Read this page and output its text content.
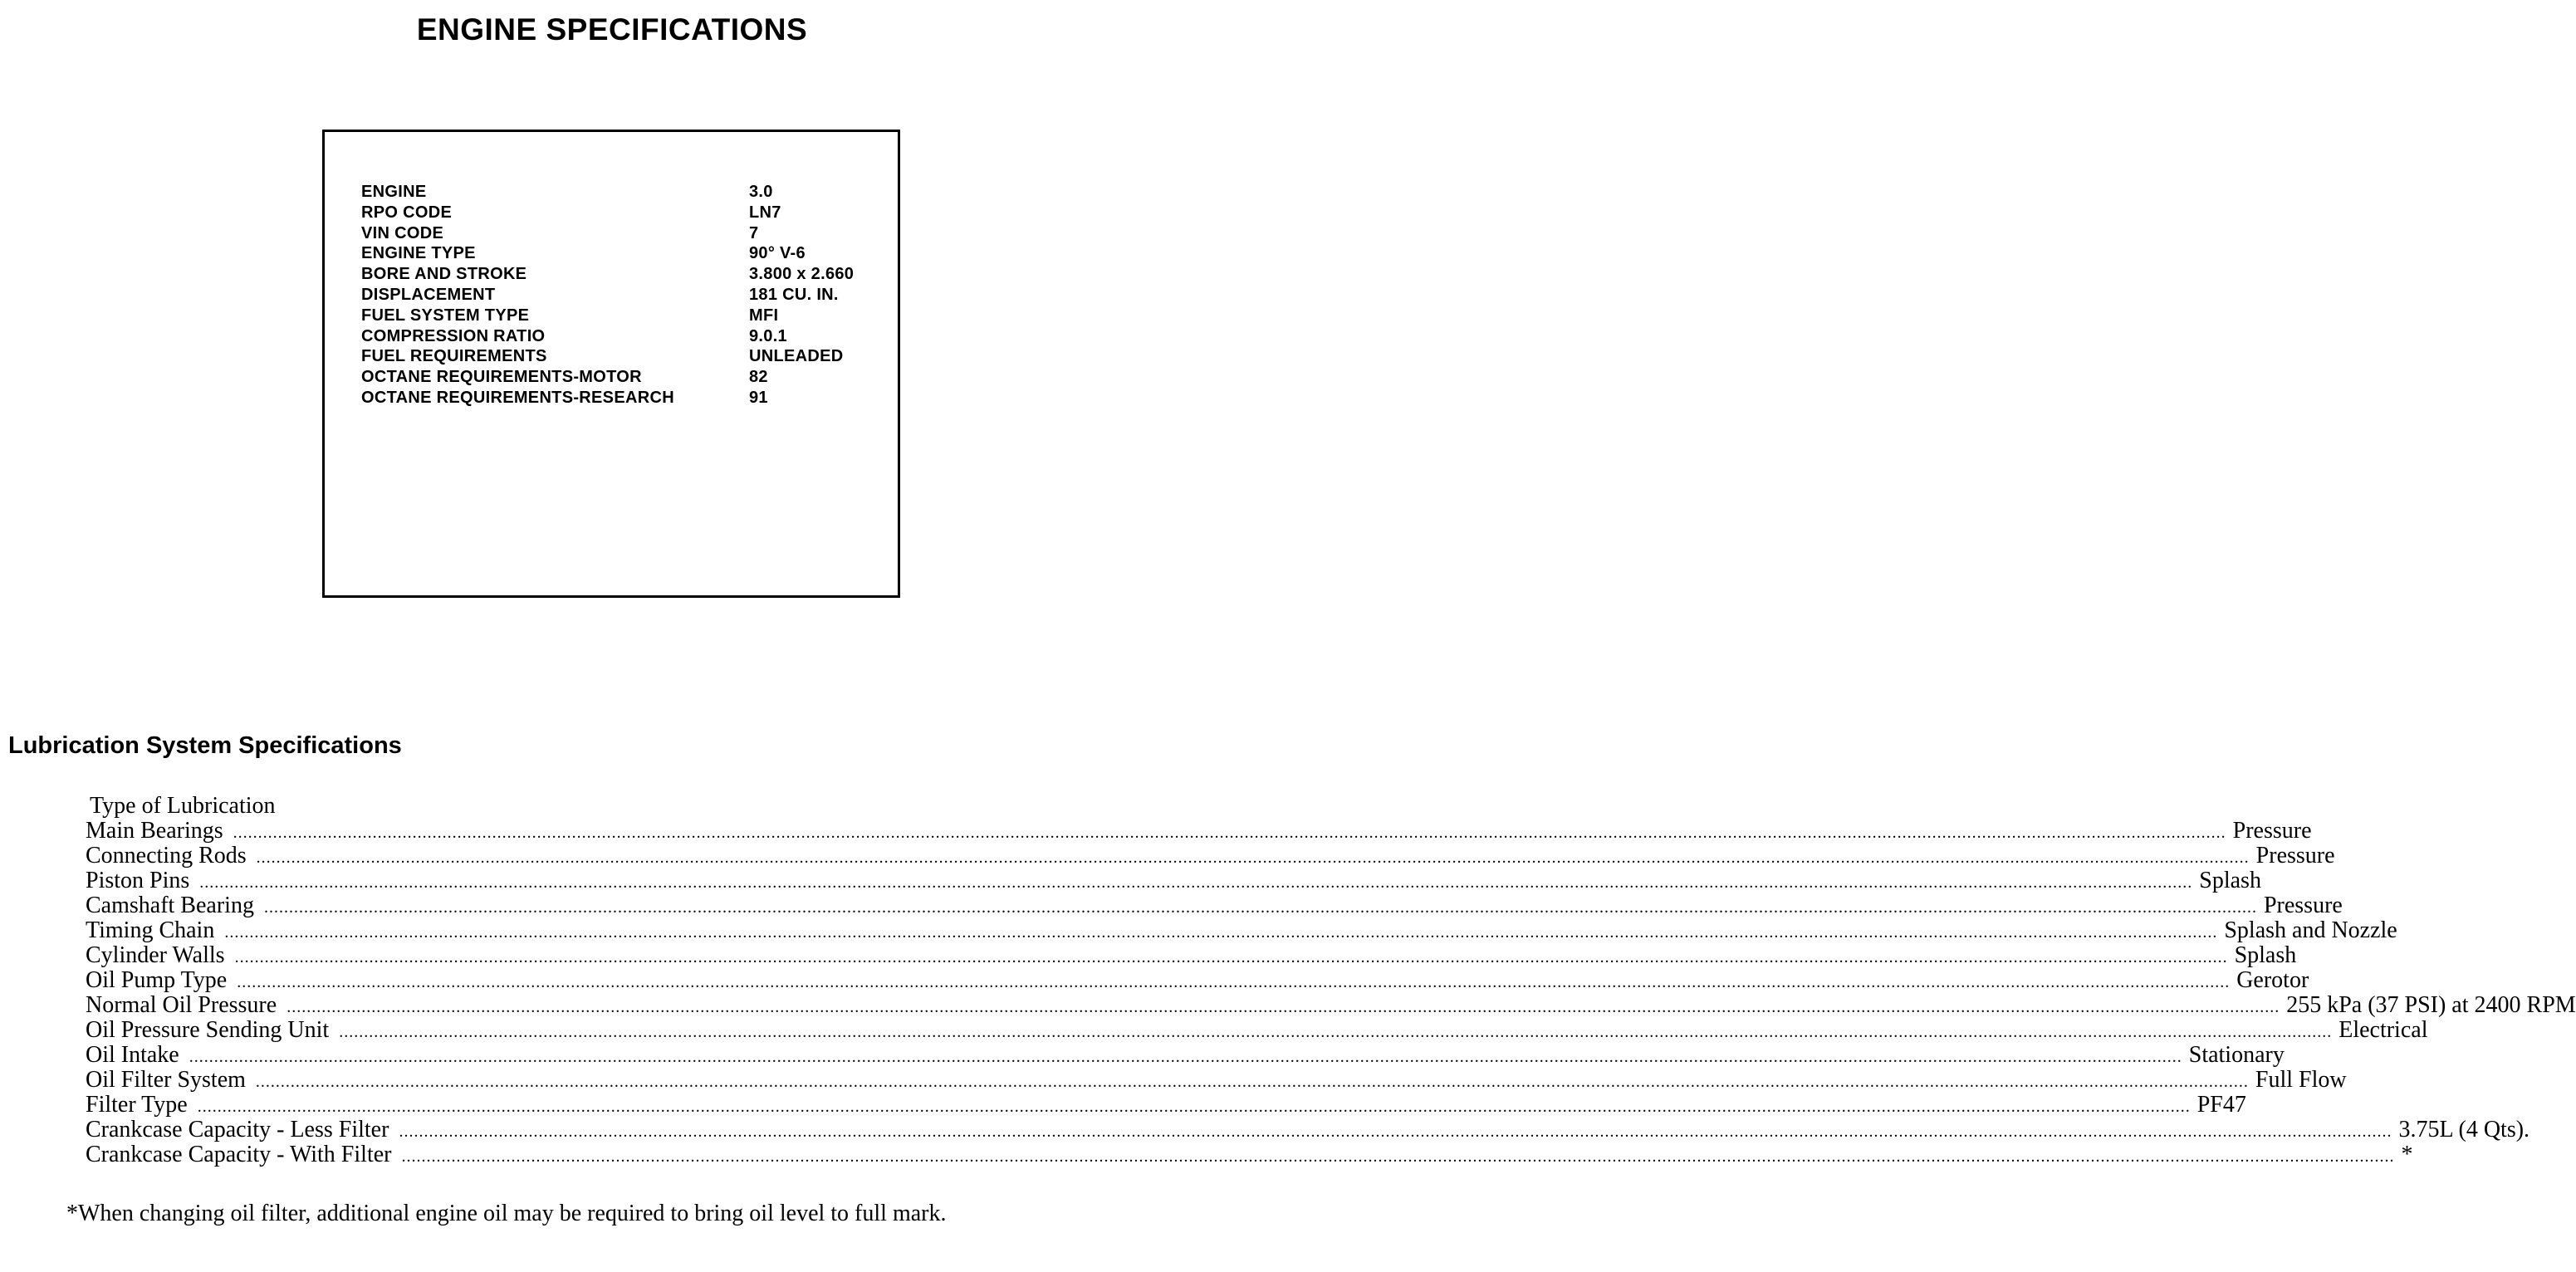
ENGINE SPECIFICATIONS
ENGINE	3.0
RPO CODE	LN7
VIN CODE	7
ENGINE TYPE	90° V-6
BORE AND STROKE	3.800 x 2.660
DISPLACEMENT	181 CU. IN.
FUEL SYSTEM TYPE	MFI
COMPRESSION RATIO	9.0.1
FUEL REQUIREMENTS	UNLEADED
OCTANE REQUIREMENTS-MOTOR	82
OCTANE REQUIREMENTS-RESEARCH	91
Lubrication System Specifications
Type of Lubrication
Main Bearings ................................................................................................................................................................................................................................................................................................................................................................................................................ Pressure
Connecting Rods ................................................................................................................................................................................................................................................................................................................................................................................................................ Pressure
Piston Pins ................................................................................................................................................................................................................................................................................................................................................................................................................ Splash
Camshaft Bearing ................................................................................................................................................................................................................................................................................................................................................................................................................ Pressure
Timing Chain ................................................................................................................................................................................................................................................................................................................................................................................................................ Splash and Nozzle
Cylinder Walls ................................................................................................................................................................................................................................................................................................................................................................................................................ Splash
Oil Pump Type ................................................................................................................................................................................................................................................................................................................................................................................................................ Gerotor
Normal Oil Pressure ................................................................................................................................................................................................................................................................................................................................................................................................................ 255 kPa (37 PSI) at 2400 RPM
Oil Pressure Sending Unit ................................................................................................................................................................................................................................................................................................................................................................................................................ Electrical
Oil Intake ................................................................................................................................................................................................................................................................................................................................................................................................................ Stationary
Oil Filter System ................................................................................................................................................................................................................................................................................................................................................................................................................ Full Flow
Filter Type ................................................................................................................................................................................................................................................................................................................................................................................................................ PF47
Crankcase Capacity - Less Filter ................................................................................................................................................................................................................................................................................................................................................................................................................ 3.75L (4 Qts).
Crankcase Capacity - With Filter ................................................................................................................................................................................................................................................................................................................................................................................................................ *
*When changing oil filter, additional engine oil may be required to bring oil level to full mark.
